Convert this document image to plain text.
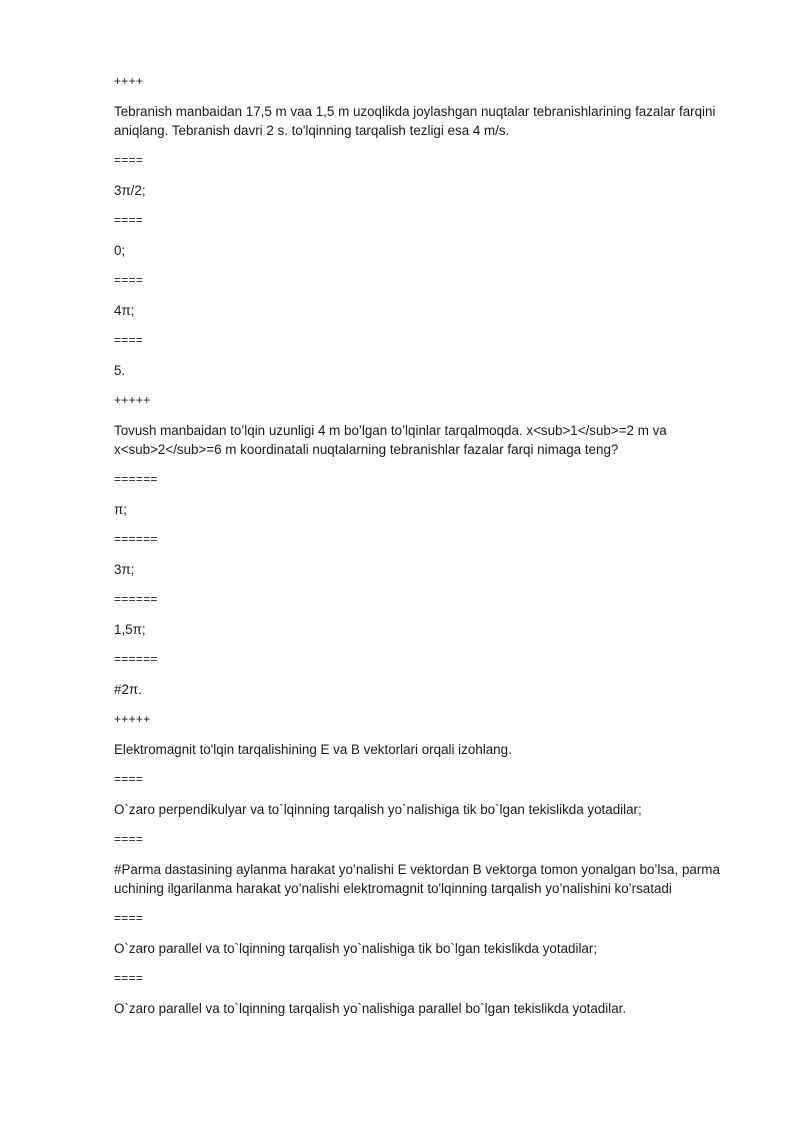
++++
Tebranish manbaidan 17,5 m vaa 1,5 m uzoqlikda joylashgan nuqtalar tebranishlarining fazalar farqini aniqlang. Tebranish davri 2 s. to'lqinning tarqalish tezligi esa 4 m/s.
====
3π/2;
====
0;
====
4π;
====
5.
+++++
Tovush manbaidan to’lqin uzunligi 4 m bo’lgan to’lqinlar tarqalmoqda. x<sub>1</sub>=2 m va x<sub>2</sub>=6 m koordinatali nuqtalarning tebranishlar fazalar farqi nimaga teng?
======
π;
======
3π;
======
1,5π;
======
#2π.
+++++
Elektromagnit to'lqin tarqalishining E va B vektorlari orqali izohlang.
====
O`zaro perpendikulyar va to`lqinning tarqalish yo`nalishiga tik bo`lgan tekislikda yotadilar;
====
#Parma dastasining aylanma harakat yo’nalishi E vektordan B vektorga tomon yonalgan bo’lsa, parma uchining ilgarilanma harakat yo’nalishi elektromagnit to'lqinning tarqalish yo’nalishini ko’rsatadi
====
O`zaro parallel va to`lqinning tarqalish yo`nalishiga tik bo`lgan tekislikda yotadilar;
====
O`zaro parallel va to`lqinning tarqalish yo`nalishiga parallel bo`lgan tekislikda yotadilar.
